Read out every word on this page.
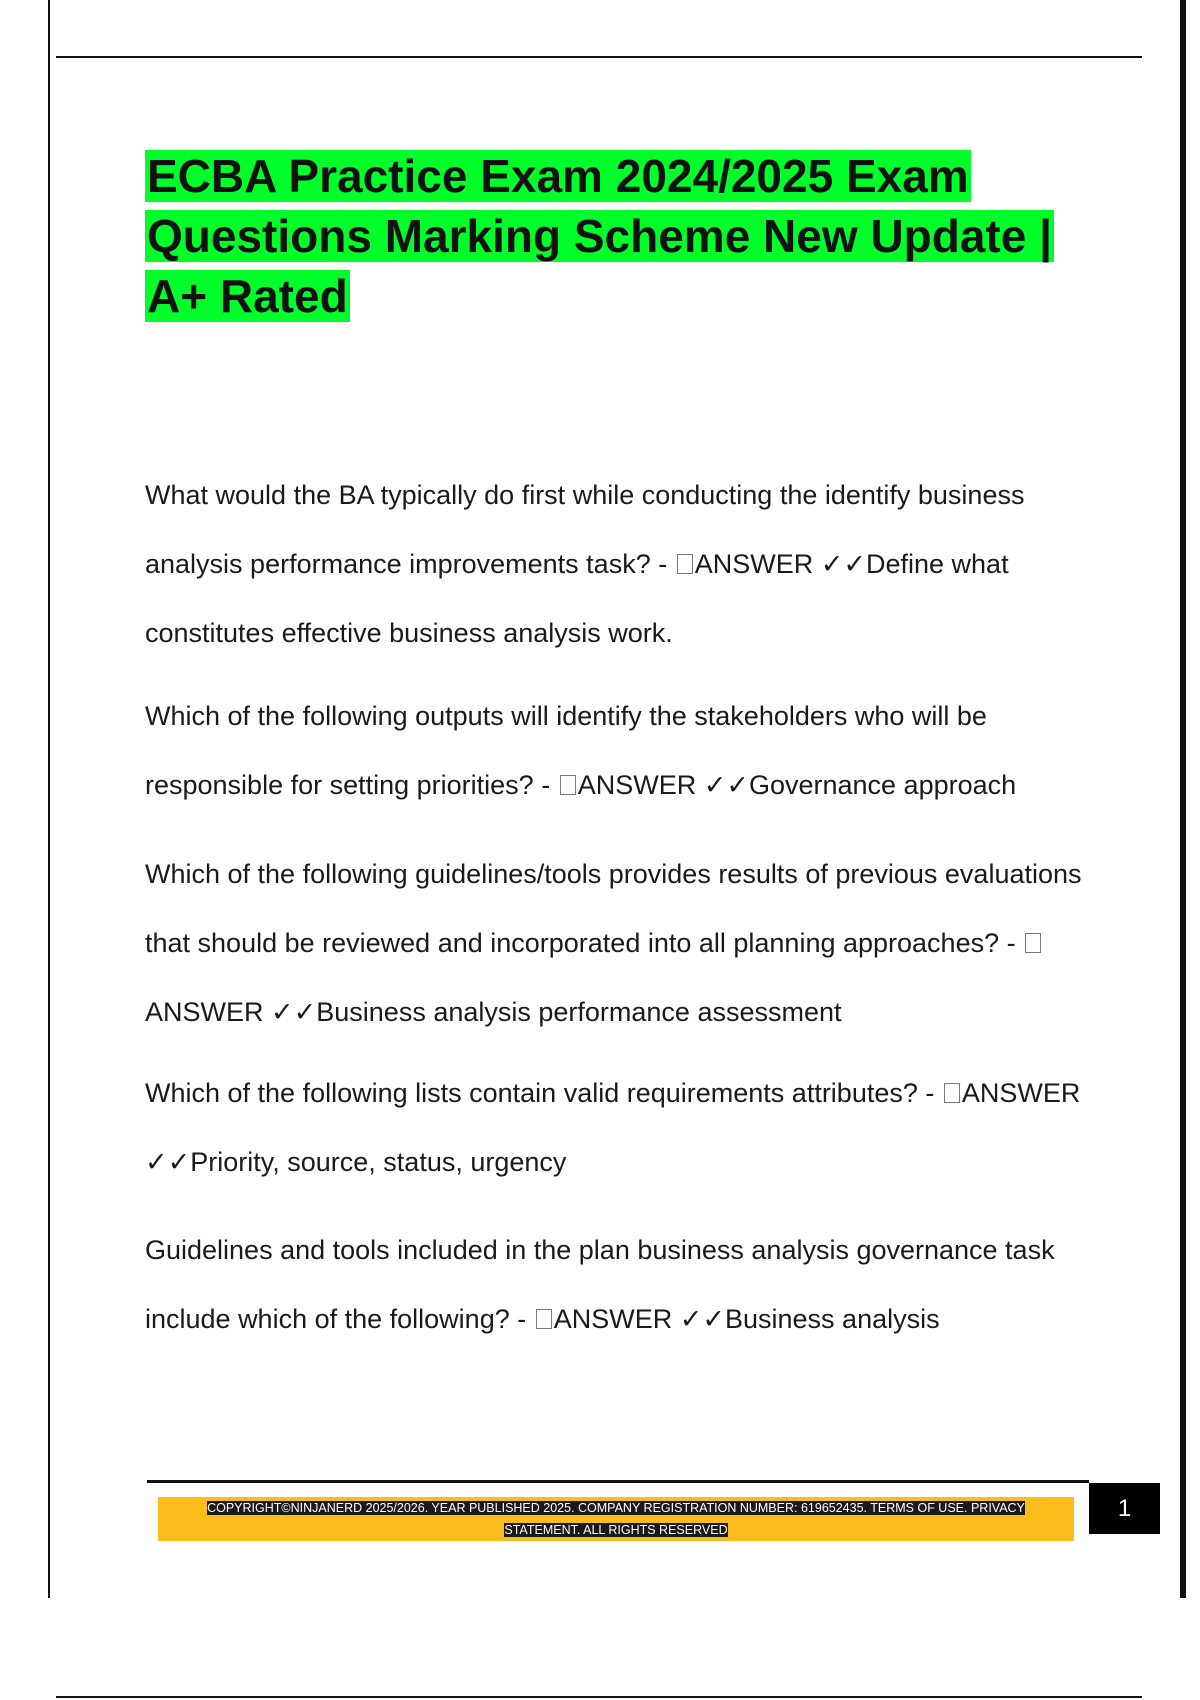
ECBA Practice Exam 2024/2025 Exam Questions Marking Scheme New Update | A+ Rated

What would the BA typically do first while conducting the identify business analysis performance improvements task? - ANSWER ✓✓Define what constitutes effective business analysis work.

Which of the following outputs will identify the stakeholders who will be responsible for setting priorities? - ANSWER ✓✓Governance approach

Which of the following guidelines/tools provides results of previous evaluations that should be reviewed and incorporated into all planning approaches? - ANSWER ✓✓Business analysis performance assessment

Which of the following lists contain valid requirements attributes? - ANSWER ✓✓Priority, source, status, urgency

Guidelines and tools included in the plan business analysis governance task include which of the following? - ANSWER ✓✓Business analysis

COPYRIGHT©NINJANERD 2025/2026. YEAR PUBLISHED 2025. COMPANY REGISTRATION NUMBER: 619652435. TERMS OF USE. PRIVACY STATEMENT. ALL RIGHTS RESERVED

1
